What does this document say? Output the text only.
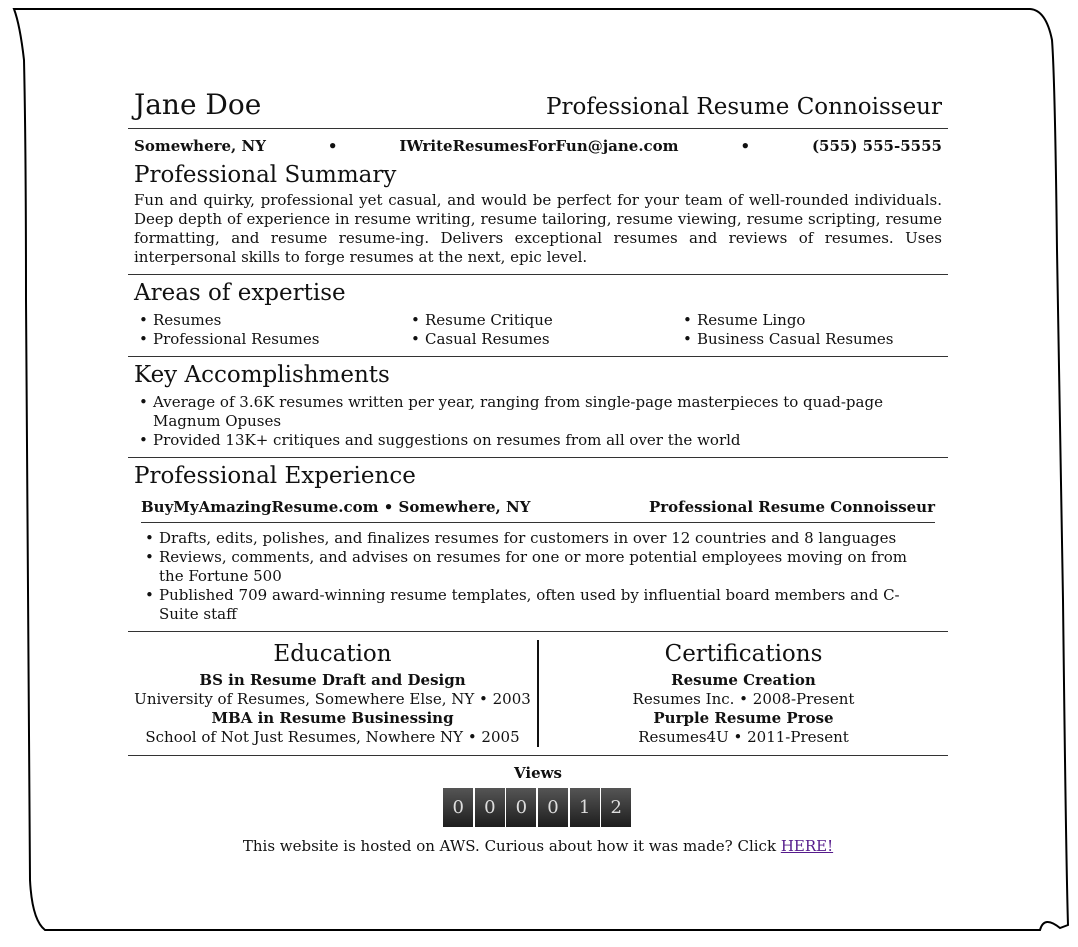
Jane Doe	Professional Resume Connoisseur
Somewhere, NY	•	IWriteResumesForFun@jane.com	•	(555) 555-5555
Professional Summary
Fun and quirky, professional yet casual, and would be perfect for your team of well-rounded individuals. Deep depth of experience in resume writing, resume tailoring, resume viewing, resume scripting, resume formatting, and resume resume-ing. Delivers exceptional resumes and reviews of resumes. Uses interpersonal skills to forge resumes at the next, epic level.
Areas of expertise
• Resumes	• Resume Critique	• Resume Lingo
• Professional Resumes	• Casual Resumes	• Business Casual Resumes
Key Accomplishments
• Average of 3.6K resumes written per year, ranging from single-page masterpieces to quad-page Magnum Opuses
• Provided 13K+ critiques and suggestions on resumes from all over the world
Professional Experience
BuyMyAmazingResume.com • Somewhere, NY	Professional Resume Connoisseur
• Drafts, edits, polishes, and finalizes resumes for customers in over 12 countries and 8 languages
• Reviews, comments, and advises on resumes for one or more potential employees moving on from the Fortune 500
• Published 709 award-winning resume templates, often used by influential board members and C-Suite staff
Education
BS in Resume Draft and Design
University of Resumes, Somewhere Else, NY • 2003
MBA in Resume Businessing
School of Not Just Resumes, Nowhere NY • 2005
Certifications
Resume Creation
Resumes Inc. • 2008-Present
Purple Resume Prose
Resumes4U • 2011-Present
Views
0	0	0	0	1	2
This website is hosted on AWS. Curious about how it was made? Click HERE!
